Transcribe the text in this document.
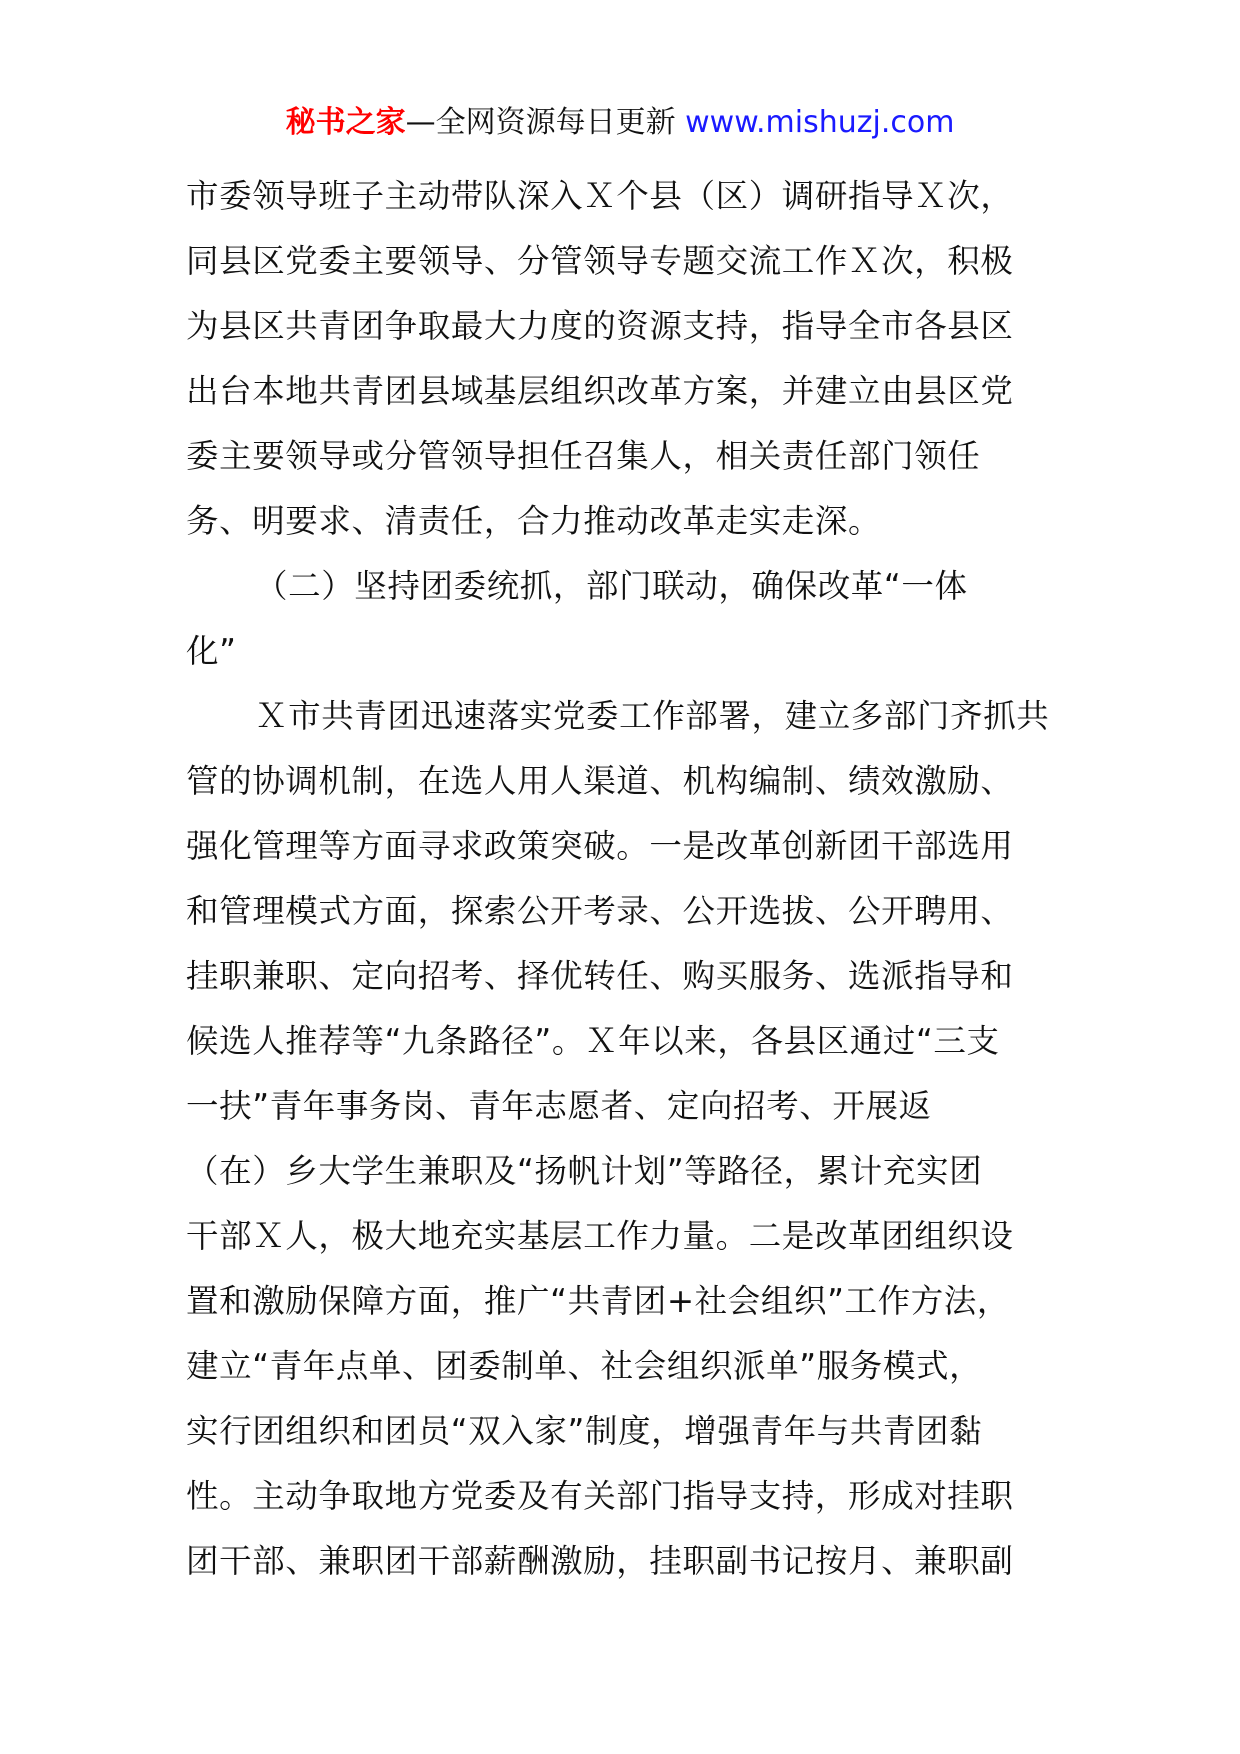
秘书之家—全网资源每日更新 www.mishuzj.com
市委领导班子主动带队深入Ｘ个县（区）调研指导Ｘ次，
同县区党委主要领导、分管领导专题交流工作Ｘ次，积极
为县区共青团争取最大力度的资源支持，指导全市各县区
出台本地共青团县域基层组织改革方案，并建立由县区党
委主要领导或分管领导担任召集人，相关责任部门领任
务、明要求、清责任，合力推动改革走实走深。
（二）坚持团委统抓，部门联动，确保改革“一体
化”
Ｘ市共青团迅速落实党委工作部署，建立多部门齐抓共
管的协调机制，在选人用人渠道、机构编制、绩效激励、
强化管理等方面寻求政策突破。一是改革创新团干部选用
和管理模式方面，探索公开考录、公开选拔、公开聘用、
挂职兼职、定向招考、择优转任、购买服务、选派指导和
候选人推荐等“九条路径”。Ｘ年以来，各县区通过“三支
一扶”青年事务岗、青年志愿者、定向招考、开展返
（在）乡大学生兼职及“扬帆计划”等路径，累计充实团
干部Ｘ人，极大地充实基层工作力量。二是改革团组织设
置和激励保障方面，推广“共青团+社会组织”工作方法，
建立“青年点单、团委制单、社会组织派单”服务模式，
实行团组织和团员“双入家”制度，增强青年与共青团黏
性。主动争取地方党委及有关部门指导支持，形成对挂职
团干部、兼职团干部薪酬激励，挂职副书记按月、兼职副
